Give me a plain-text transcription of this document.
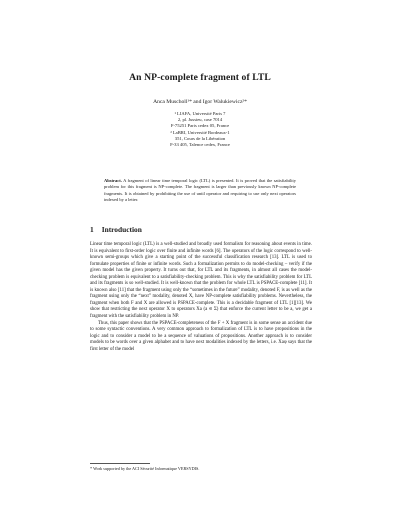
An NP-complete fragment of LTL
Anca Muscholl¹* and Igor Walukiewicz²*
¹ LIAFA, Université Paris 7
2, pl. Jussieu, case 7014
F-75251 Paris cedex 05, France
² LaBRI, Université Bordeaux-1
351, Cours de la Libération
F-33 405, Talence cedex, France
Abstract. A fragment of linear time temporal logic (LTL) is presented. It is proved that the satisfiability problem for this fragment is NP-complete. The fragment is larger than previously known NP-complete fragments. It is obtained by prohibiting the use of until operator and requiring to use only next operators indexed by a letter.
1 Introduction

Linear time temporal logic (LTL) is a well-studied and broadly used formalism for reasoning about events in time. It is equivalent to first-order logic over finite and infinite words [6]. The operators of the logic correspond to well-known semi-groups which give a starting point of the successful classification research [13]. LTL is used to formulate properties of finite or infinite words. Such a formalization permits to do model-checking – verify if the given model has the given property. It turns out that, for LTL and its fragments, in almost all cases the model-checking problem is equivalent to a satisfiability-checking problem. This is why the satisfiability problem for LTL and its fragments is so well-studied. It is well-known that the problem for whole LTL is PSPACE-complete [11]. It is known also [11] that the fragment using only the “sometimes in the future” modality, denoted F, is as well as the fragment using only the “next” modality, denoted X, have NP-complete satisfiability problems. Nevertheless, the fragment when both F and X are allowed is PSPACE-complete. This is a decidable fragment of LTL [1][13]. We show that restricting the next operator X to operators Xa (a ∈ Σ) that enforce the current letter to be a, we get a fragment with the satisfiability problem in NP.

Thus, this paper shows that the PSPACE-completeness of the F + X fragment is in some sense an accident due to some syntactic conventions. A very common approach to formalization of LTL is to have propositions in the logic and to consider a model to be a sequence of valuations of propositions. Another approach is to consider models to be words over a given alphabet and to have next modalities indexed by the letters, i.e. Xaφ says that the first letter of the model

* Work supported by the ACI Sécurité Informatique VERSYDIS.
